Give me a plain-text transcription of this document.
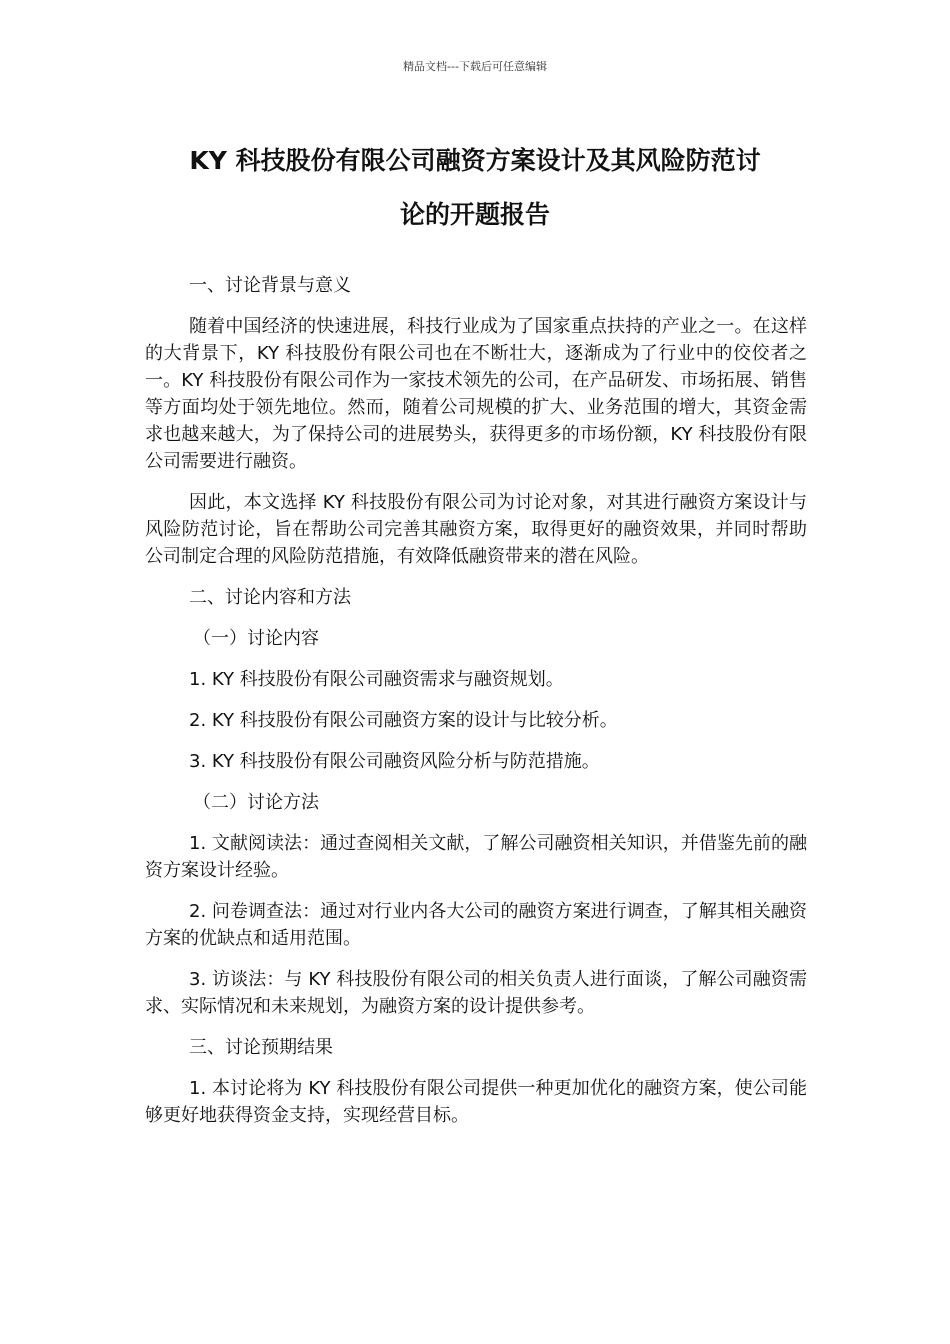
精品文档---下载后可任意编辑
KY 科技股份有限公司融资方案设计及其风险防范讨
论的开题报告

一、讨论背景与意义

随着中国经济的快速进展，科技行业成为了国家重点扶持的产业之一。在这样的大背景下，KY 科技股份有限公司也在不断壮大，逐渐成为了行业中的佼佼者之一。KY 科技股份有限公司作为一家技术领先的公司，在产品研发、市场拓展、销售等方面均处于领先地位。然而，随着公司规模的扩大、业务范围的增大，其资金需求也越来越大，为了保持公司的进展势头，获得更多的市场份额，KY 科技股份有限公司需要进行融资。

因此，本文选择 KY 科技股份有限公司为讨论对象，对其进行融资方案设计与风险防范讨论，旨在帮助公司完善其融资方案，取得更好的融资效果，并同时帮助公司制定合理的风险防范措施，有效降低融资带来的潜在风险。

二、讨论内容和方法

（一）讨论内容

1. KY 科技股份有限公司融资需求与融资规划。

2. KY 科技股份有限公司融资方案的设计与比较分析。

3. KY 科技股份有限公司融资风险分析与防范措施。

（二）讨论方法

1. 文献阅读法：通过查阅相关文献，了解公司融资相关知识，并借鉴先前的融资方案设计经验。

2. 问卷调查法：通过对行业内各大公司的融资方案进行调查，了解其相关融资方案的优缺点和适用范围。

3. 访谈法：与 KY 科技股份有限公司的相关负责人进行面谈，了解公司融资需求、实际情况和未来规划，为融资方案的设计提供参考。

三、讨论预期结果

1. 本讨论将为 KY 科技股份有限公司提供一种更加优化的融资方案，使公司能够更好地获得资金支持，实现经营目标。
